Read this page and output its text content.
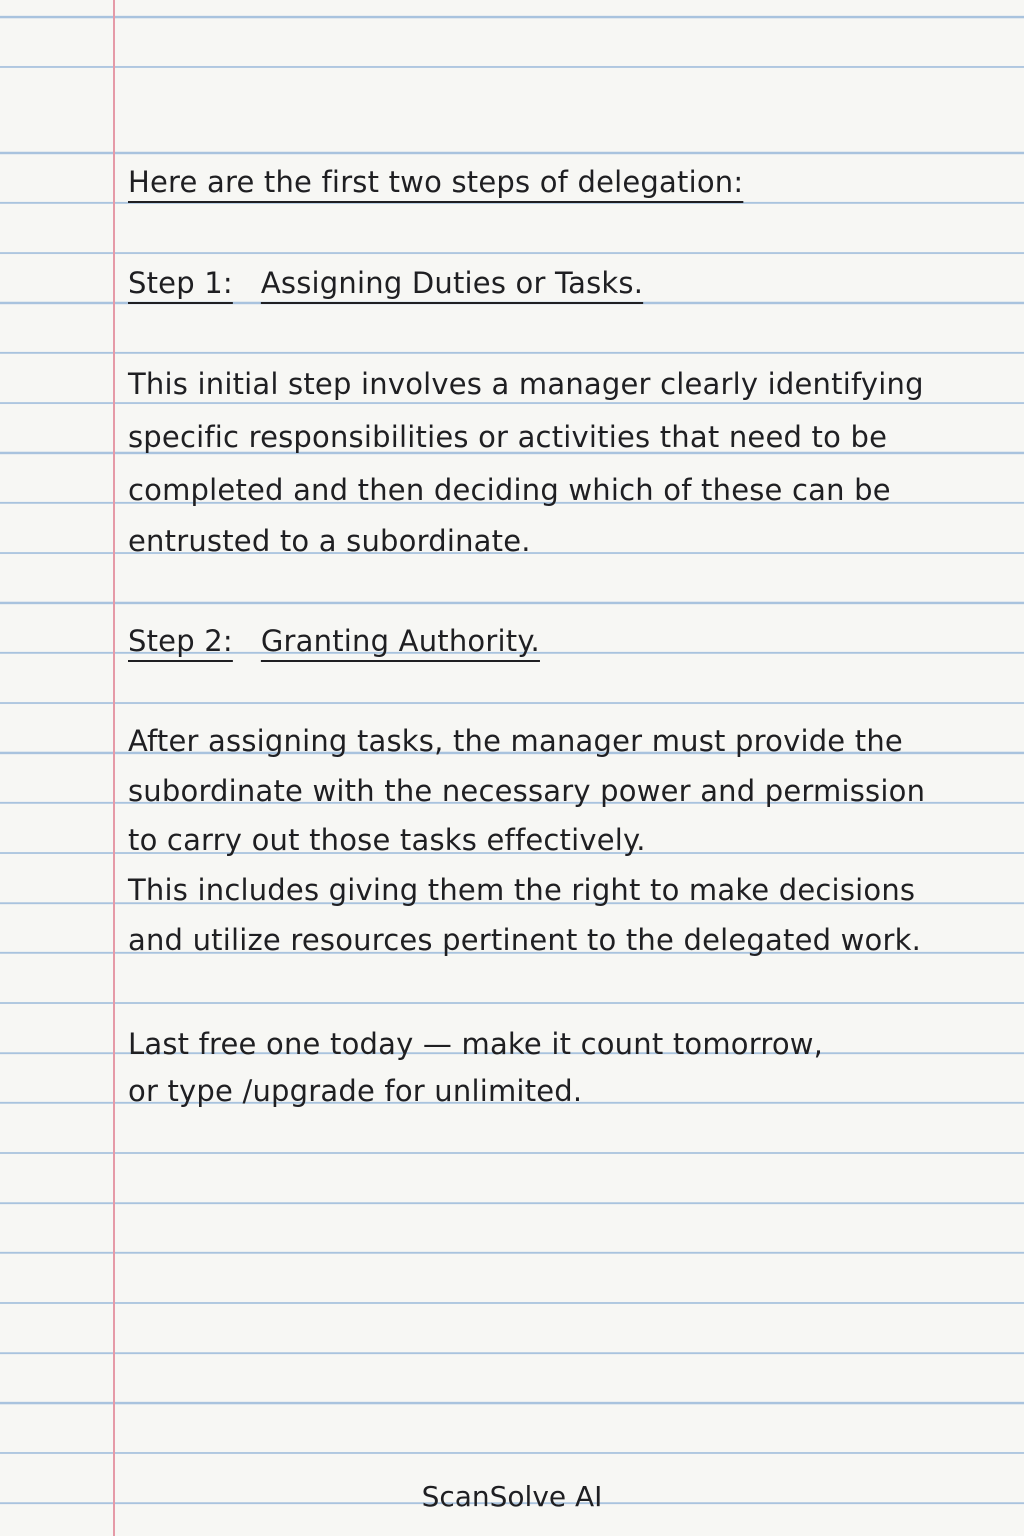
Here are the first two steps of delegation:

Step 1: Assigning Duties or Tasks.

This initial step involves a manager clearly identifying

specific responsibilities or activities that need to be

completed and then deciding which of these can be

entrusted to a subordinate.

Step 2: Granting Authority.

After assigning tasks, the manager must provide the

subordinate with the necessary power and permission

to carry out those tasks effectively.

This includes giving them the right to make decisions

and utilize resources pertinent to the delegated work.

Last free one today — make it count tomorrow,

or type /upgrade for unlimited.

ScanSolve AI
